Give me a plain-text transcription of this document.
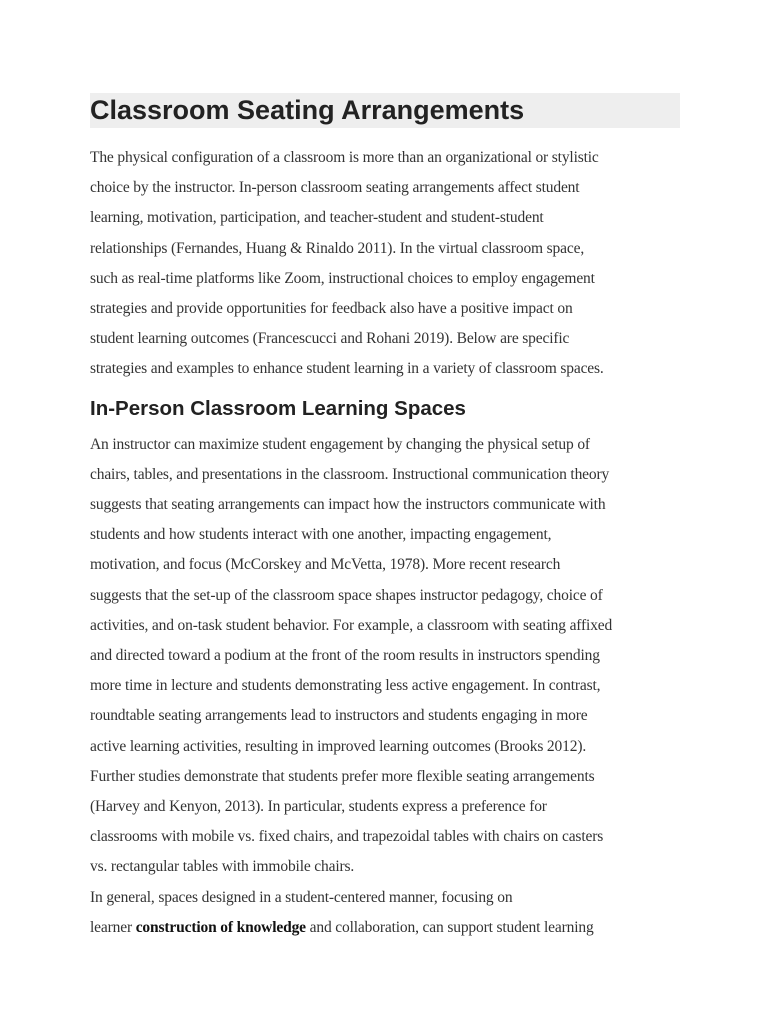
Classroom Seating Arrangements

The physical configuration of a classroom is more than an organizational or stylistic
choice by the instructor. In-person classroom seating arrangements affect student
learning, motivation, participation, and teacher-student and student-student
relationships (Fernandes, Huang & Rinaldo 2011). In the virtual classroom space,
such as real-time platforms like Zoom, instructional choices to employ engagement
strategies and provide opportunities for feedback also have a positive impact on
student learning outcomes (Francescucci and Rohani 2019). Below are specific
strategies and examples to enhance student learning in a variety of classroom spaces.

In-Person Classroom Learning Spaces

An instructor can maximize student engagement by changing the physical setup of
chairs, tables, and presentations in the classroom. Instructional communication theory
suggests that seating arrangements can impact how the instructors communicate with
students and how students interact with one another, impacting engagement,
motivation, and focus (McCorskey and McVetta, 1978). More recent research
suggests that the set-up of the classroom space shapes instructor pedagogy, choice of
activities, and on-task student behavior. For example, a classroom with seating affixed
and directed toward a podium at the front of the room results in instructors spending
more time in lecture and students demonstrating less active engagement. In contrast,
roundtable seating arrangements lead to instructors and students engaging in more
active learning activities, resulting in improved learning outcomes (Brooks 2012).
Further studies demonstrate that students prefer more flexible seating arrangements
(Harvey and Kenyon, 2013). In particular, students express a preference for
classrooms with mobile vs. fixed chairs, and trapezoidal tables with chairs on casters
vs. rectangular tables with immobile chairs.

In general, spaces designed in a student-centered manner, focusing on
learner construction of knowledge and collaboration, can support student learning
